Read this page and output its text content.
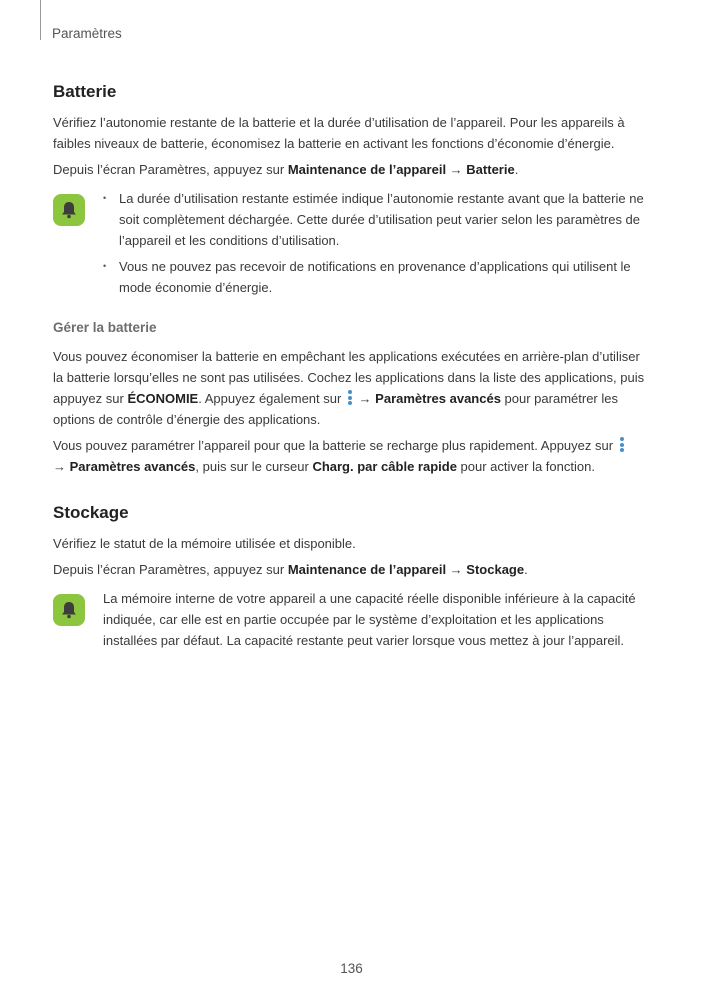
Paramètres
Batterie

Vérifiez l’autonomie restante de la batterie et la durée d’utilisation de l’appareil. Pour les appareils à faibles niveaux de batterie, économisez la batterie en activant les fonctions d’économie d’énergie.

Depuis l’écran Paramètres, appuyez sur Maintenance de l’appareil → Batterie.

• La durée d’utilisation restante estimée indique l’autonomie restante avant que la batterie ne soit complètement déchargée. Cette durée d’utilisation peut varier selon les paramètres de l’appareil et les conditions d’utilisation.
• Vous ne pouvez pas recevoir de notifications en provenance d’applications qui utilisent le mode économie d’énergie.
Gérer la batterie

Vous pouvez économiser la batterie en empêchant les applications exécutées en arrière-plan d’utiliser la batterie lorsqu’elles ne sont pas utilisées. Cochez les applications dans la liste des applications, puis appuyez sur ÉCONOMIE. Appuyez également sur
→ Paramètres avancés pour paramétrer les options de contrôle d’énergie des applications.

Vous pouvez paramétrer l’appareil pour que la batterie se recharge plus rapidement. Appuyez sur

→ Paramètres avancés, puis sur le curseur Charg. par câble rapide pour activer la fonction.

Stockage

Vérifiez le statut de la mémoire utilisée et disponible.

Depuis l’écran Paramètres, appuyez sur Maintenance de l’appareil → Stockage.

La mémoire interne de votre appareil a une capacité réelle disponible inférieure à la capacité indiquée, car elle est en partie occupée par le système d’exploitation et les applications installées par défaut. La capacité restante peut varier lorsque vous mettez à jour l’appareil.

136
